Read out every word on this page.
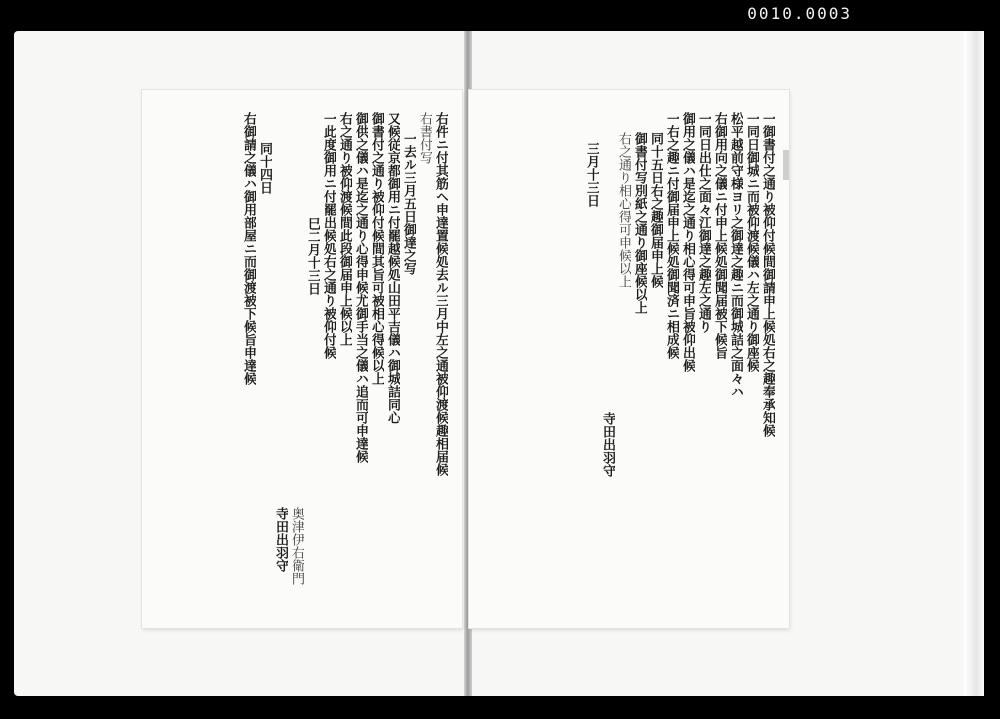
0010.0003
右件ニ付其筋ヘ申達置候処去ル三月中左之通被仰渡候趣相届候
右書付写
一去ル三月五日御達之写
又候従京都御用ニ付罷越候処山田平吉儀ハ御城詰同心
御書付之通り被仰付候間其旨可被相心得候以上
御供之儀ハ是迄之通り心得申候尤御手当之儀ハ追而可申達候
右之通り被仰渡候間此段御届申上候以上
一此度御用ニ付罷出候処右之通り被仰付候
巳二月十三日
奥津伊右衛門
寺田出羽守
同十四日
右御請之儀ハ御用部屋ニ而御渡被下候旨申達候	一御書付之通り被仰付候間御請申上候処右之趣奉承知候
一同日御城ニ而被仰渡候儀ハ左之通り御座候
松平越前守様ヨリ之御達之趣ニ而御城詰之面々ハ
右御用向之儀ニ付申上候処御聞届被下候旨
一同日出仕之面々江御達之趣左之通り
御用之儀ハ是迄之通り相心得可申旨被仰出候
一右之趣ニ付御届申上候処御聞済ニ相成候
同十五日右之趣御届申上候
御書付写別紙之通り御座候以上
右之通り相心得可申候以上
寺田出羽守
三月十三日
